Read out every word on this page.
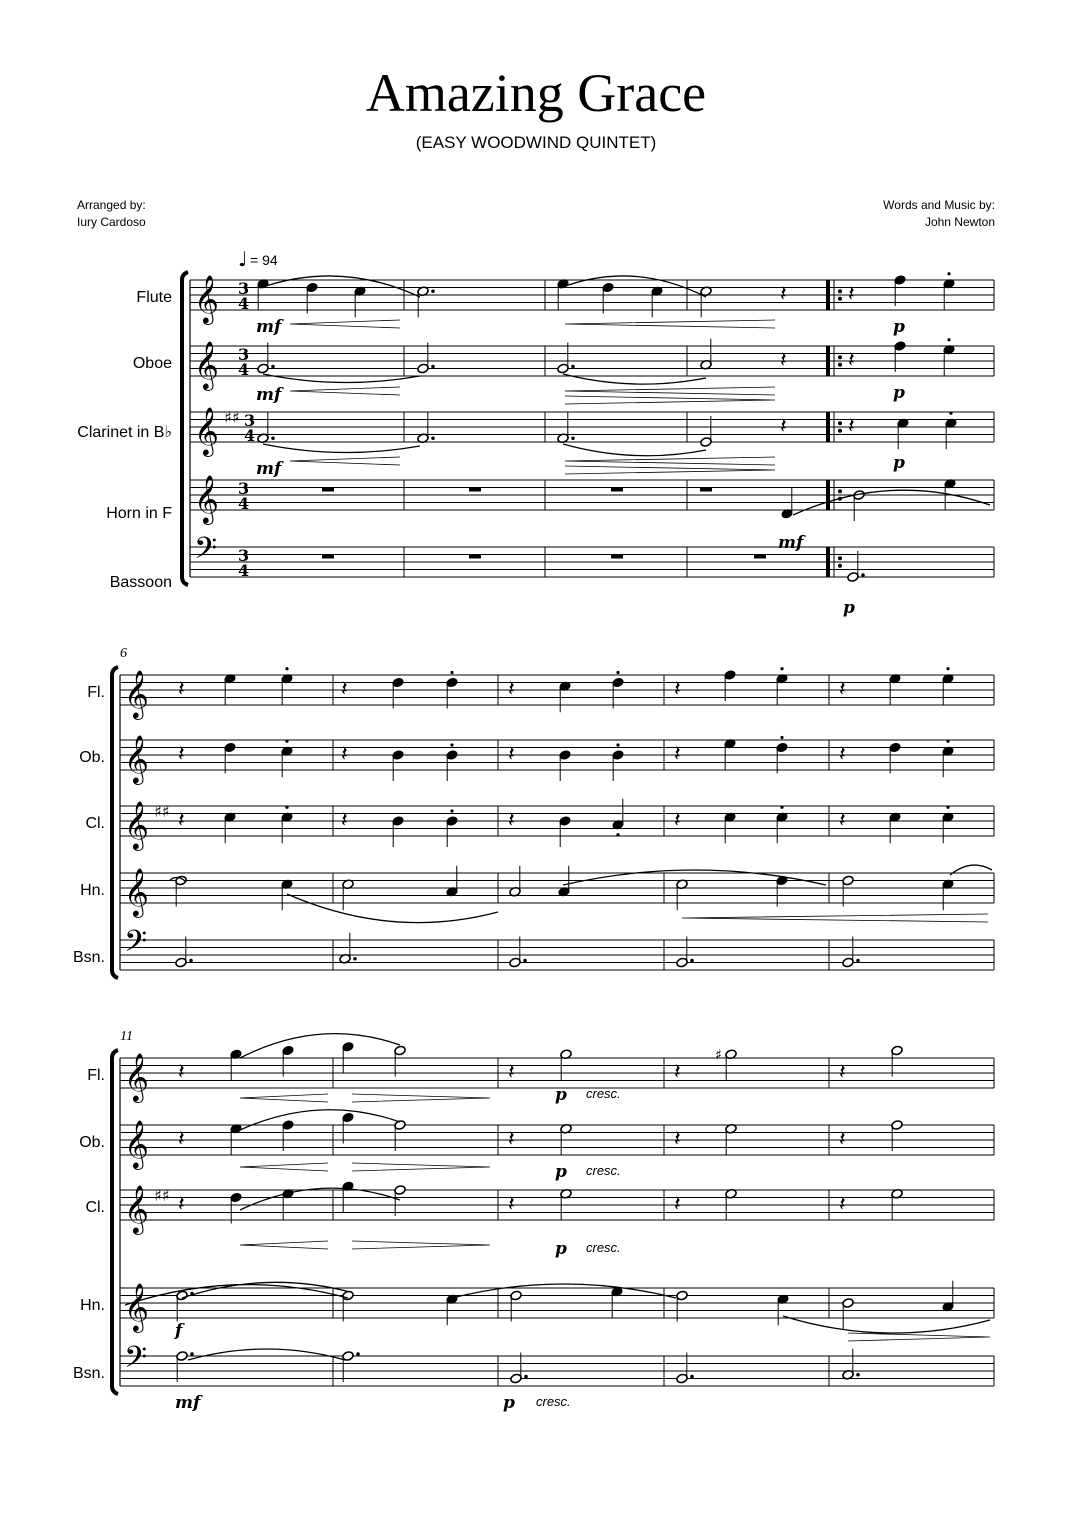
Amazing Grace
(EASY WOODWIND QUINTET)
Arranged by:
Iury Cardoso
Words and Music by:
John Newton
Flute
Oboe
Clarinet in B♭
Horn in F
Bassoon
𝄞 3
4
𝄞 3
4
𝄞 ♯♯ 3
4
𝄞 3
4
𝄢 3
4
Fl.
Ob.
Cl.
Hn.
Bsn.
6
𝄞
𝄞
𝄞 ♯♯
𝄞
𝄢
Fl.
Ob.
Cl.
Hn.
Bsn.
11
𝄞
𝄞
𝄞 ♯♯
𝄞
𝄢
𝄽	𝄽
mf	p
𝄽	𝄽
mf	p
𝄽	𝄽
mf	p
mf
p
𝄽
𝄽
𝄽
𝄽
𝄽
𝄽
𝄽
𝄽
𝄽
𝄽
𝄽
𝄽
𝄽
𝄽
𝄽
𝄽	𝄽	𝄽
♯
𝄽
p cresc.
𝄽	𝄽	𝄽	𝄽
p cresc.
𝄽	𝄽	𝄽	𝄽
p cresc.
f
mf	p cresc.
♩ = 94
